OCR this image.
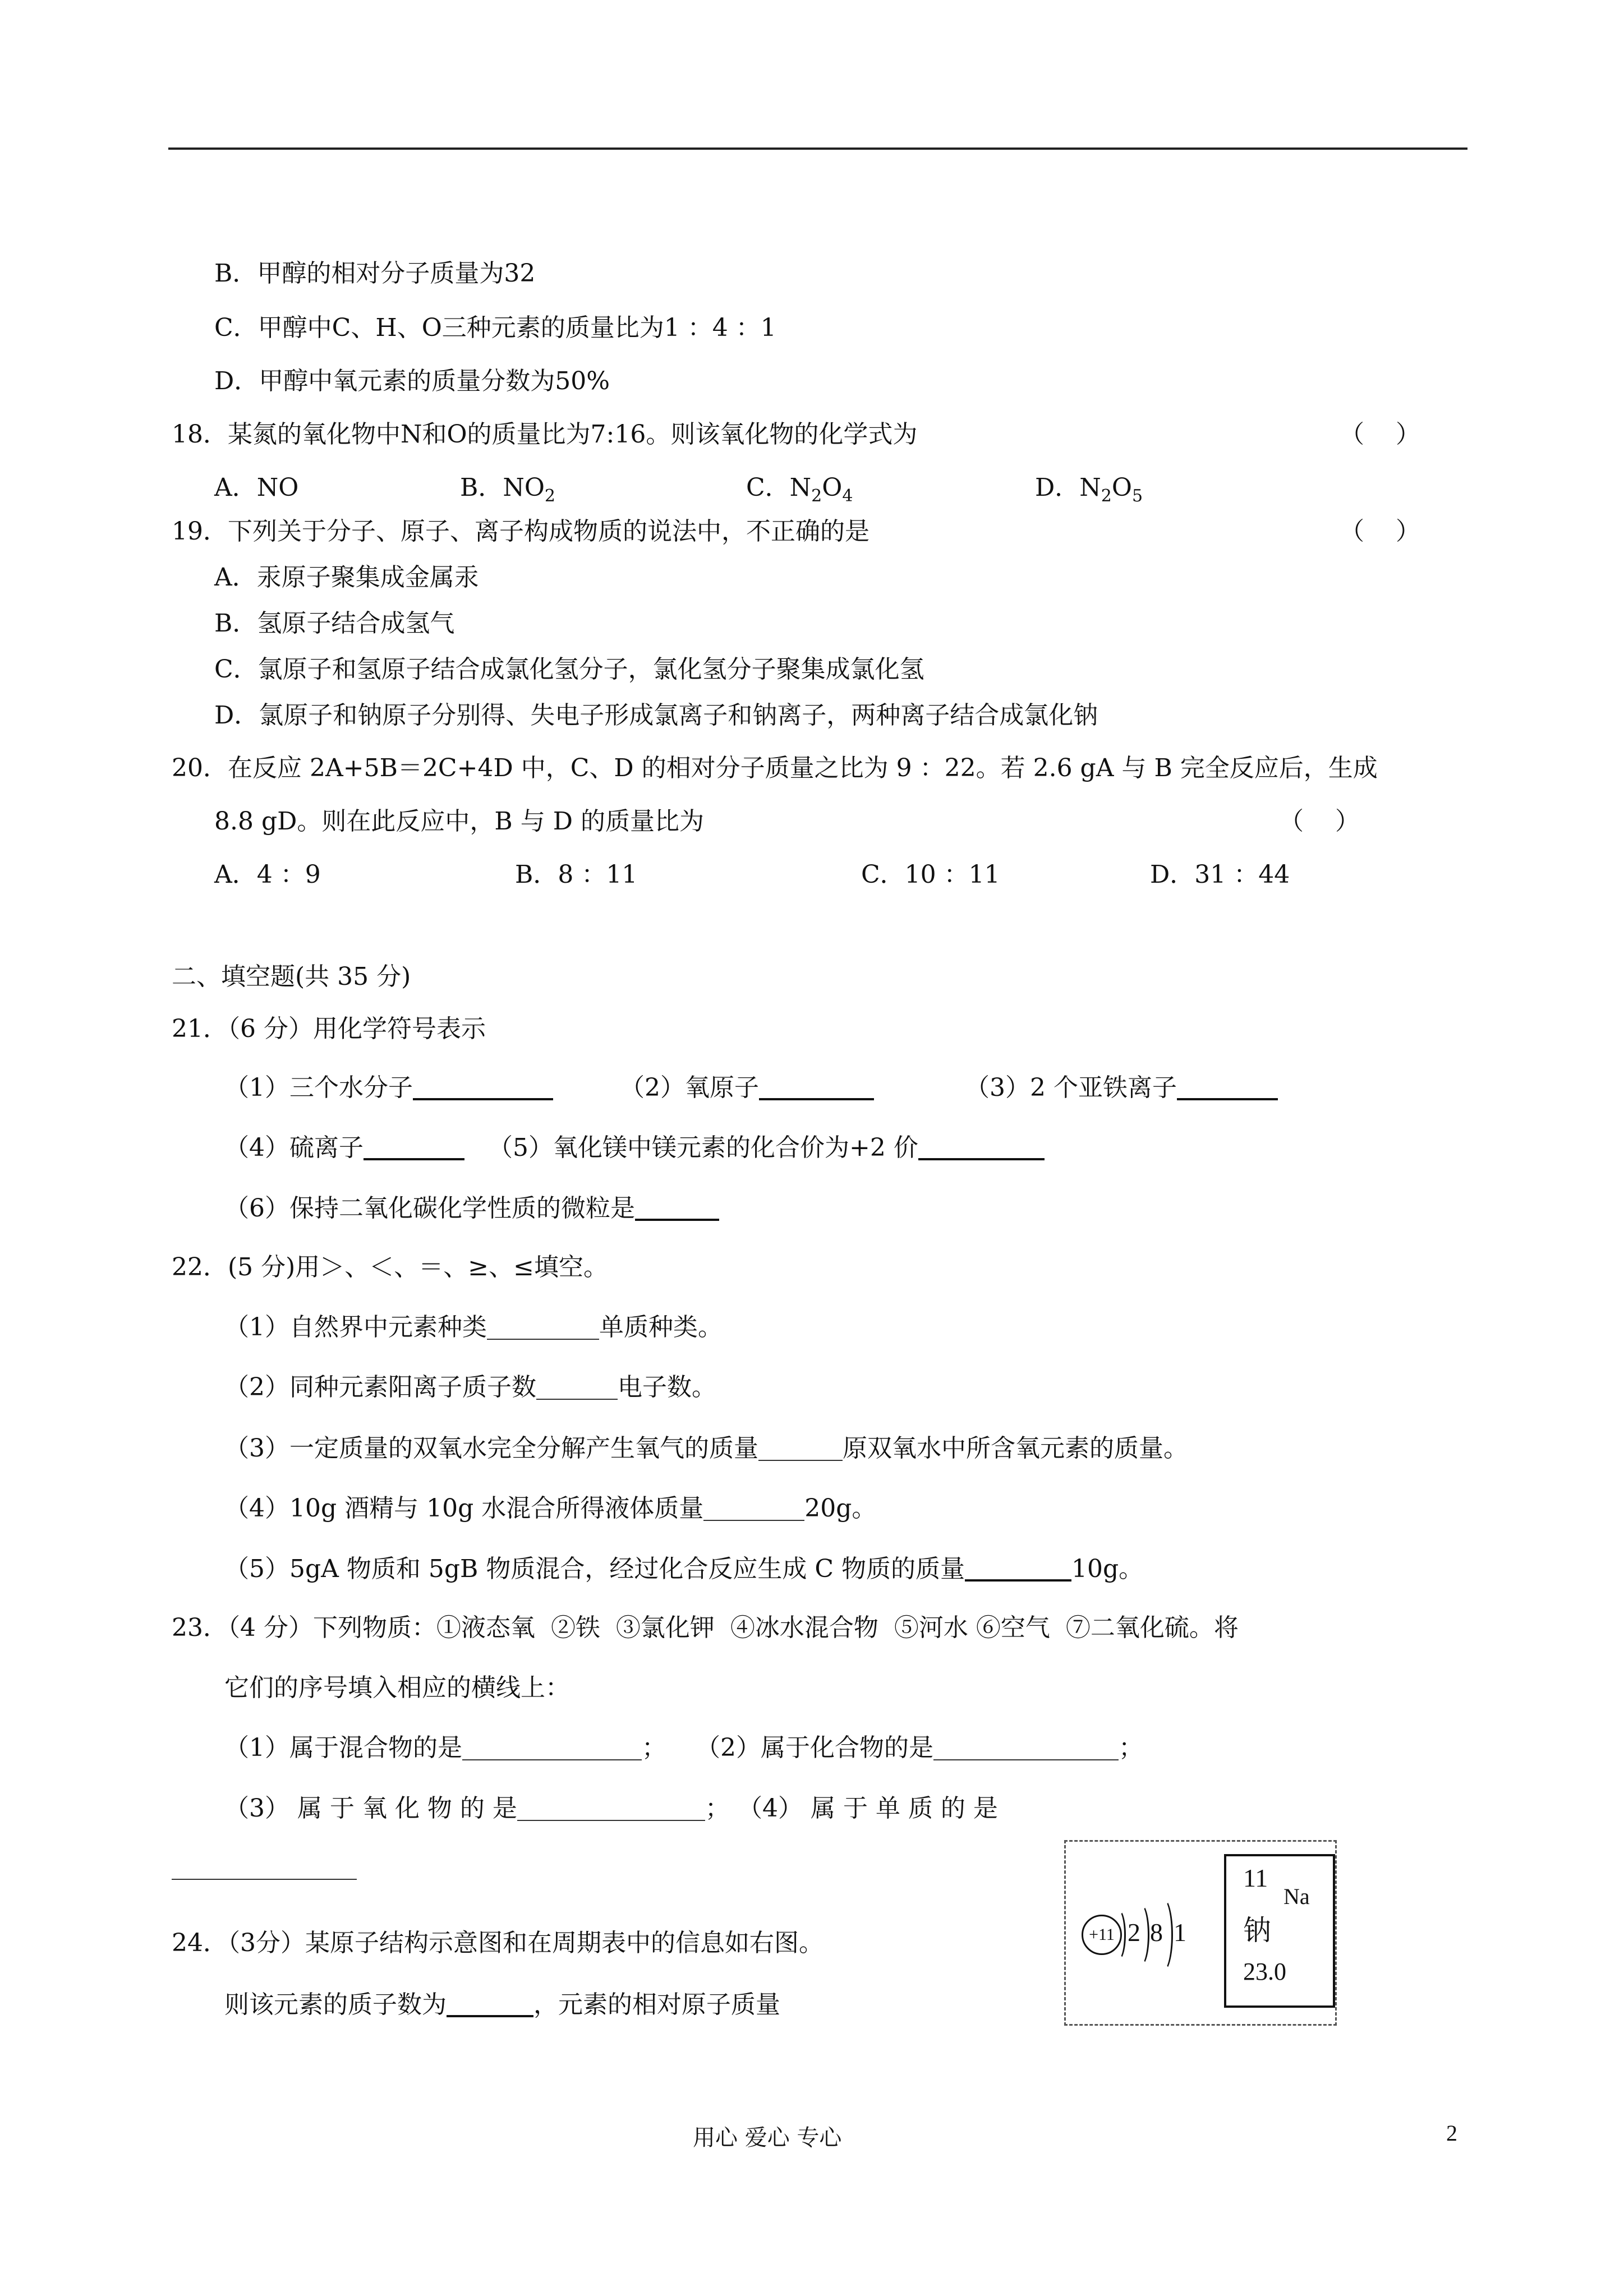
B．甲醇的相对分子质量为32
C．甲醇中C、H、O三种元素的质量比为1 ：4 ：1
D．甲醇中氧元素的质量分数为50%
18．某氮的氧化物中N和O的质量比为7:16。则该氧化物的化学式为	（    ）
A．NO	B．$NO_2$	C．$N_2O_4$	D．$N_2O_5$
19．下列关于分子、原子、离子构成物质的说法中，不正确的是	（    ）
A．汞原子聚集成金属汞
B．氢原子结合成氢气
C．氯原子和氢原子结合成氯化氢分子，氯化氢分子聚集成氯化氢
D．氯原子和钠原子分别得、失电子形成氯离子和钠离子，两种离子结合成氯化钠
20．在反应 2A+5B＝2C+4D 中，C、D 的相对分子质量之比为 9 ：22。若 2.6 gA 与 B 完全反应后，生成
8.8 gD。则在此反应中，B 与 D 的质量比为	（    ）
A．4 ：9	B．8 ：11	C．10 ：11	D．31 ：44
二、填空题(共 35 分)
21．（6 分）用化学符号表示
（1）三个水分子	（2）氧原子	（3）2 个亚铁离子
（4）硫离子	（5）氧化镁中镁元素的化合价为+2 价
（6）保持二氧化碳化学性质的微粒是
22．(5 分)用＞、＜、＝、≥、≤填空。
（1）自然界中元素种类	单质种类。
（2）同种元素阳离子质子数	电子数。
（3）一定质量的双氧水完全分解产生氧气的质量	原双氧水中所含氧元素的质量。
（4）10g 酒精与 10g 水混合所得液体质量	20g。
（5）5gA 物质和 5gB 物质混合，经过化合反应生成 C 物质的质量	10g。
23．（4 分）下列物质：①液态氧  ②铁  ③氯化钾  ④冰水混合物  ⑤河水 ⑥空气  ⑦二氧化硫。将
它们的序号填入相应的横线上：
（1）属于混合物的是	； （2）属于化合物的是	；
（3） 属 于 氧 化 物 的 是	； （4） 属 于 单 质 的 是
24．（3分）某原子结构示意图和在周期表中的信息如右图。
则该元素的质子数为	，元素的相对原子质量
+11 2 8 1
11
Na
钠
23.0
用心 爱心 专心	2
